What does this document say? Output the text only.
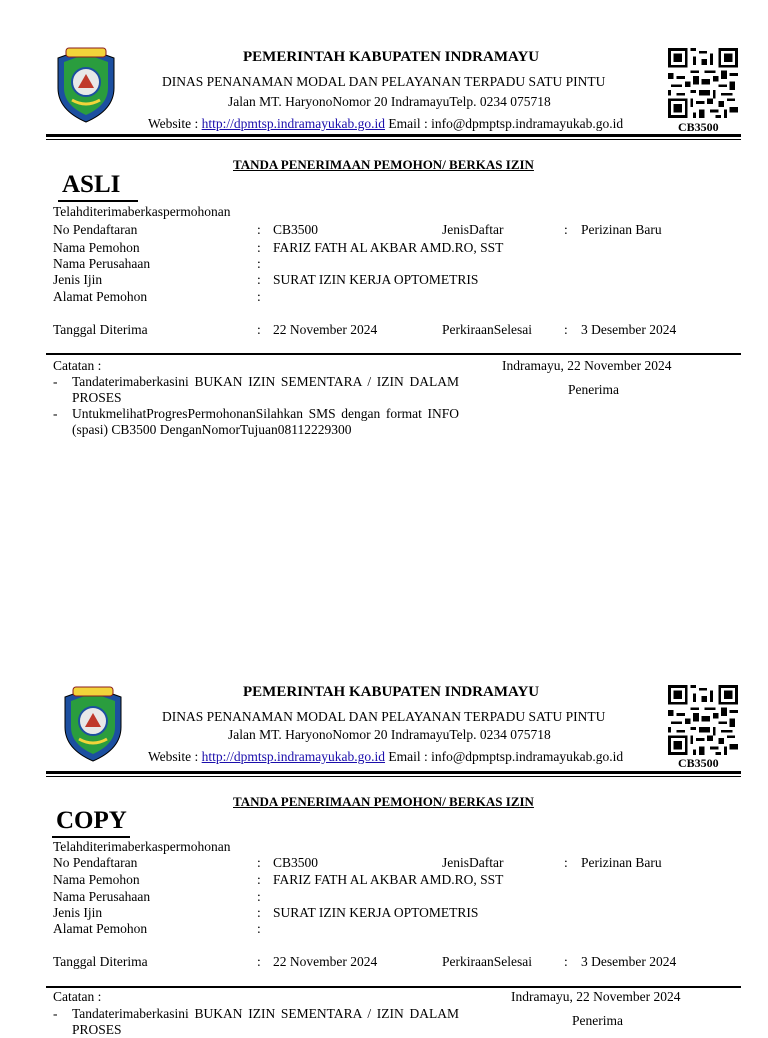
PEMERINTAH KABUPATEN INDRAMAYU
DINAS PENANAMAN MODAL DAN PELAYANAN TERPADU SATU PINTU
Jalan MT. HaryonoNomor 20 IndramayuTelp. 0234 075718
Website : http://dpmtsp.indramayukab.go.id Email : info@dpmptsp.indramayukab.go.id	CB3500
TANDA PENERIMAAN PEMOHON/ BERKAS IZIN
ASLI
Telahditerimaberkaspermohonan
No Pendaftaran	: CB3500	JenisDaftar	: Perizinan Baru
Nama Pemohon	: FARIZ FATH AL AKBAR AMD.RO, SST
Nama Perusahaan	:
Jenis Ijin	: SURAT IZIN KERJA OPTOMETRIS
Alamat Pemohon	:
Tanggal Diterima	: 22 November 2024	PerkiraanSelesai : 3 Desember 2024
Catatan :
- Tandaterimaberkasini BUKAN IZIN SEMENTARA / IZIN DALAM PROSES
- UntukmelihatProgresPermohonanSilahkan SMS dengan format INFO (spasi) CB3500 DenganNomorTujuan08112229300
Indramayu, 22 November 2024
Penerima
PEMERINTAH KABUPATEN INDRAMAYU
DINAS PENANAMAN MODAL DAN PELAYANAN TERPADU SATU PINTU
Jalan MT. HaryonoNomor 20 IndramayuTelp. 0234 075718
Website : http://dpmtsp.indramayukab.go.id Email : info@dpmptsp.indramayukab.go.id	CB3500
TANDA PENERIMAAN PEMOHON/ BERKAS IZIN
COPY
Telahditerimaberkaspermohonan
No Pendaftaran	: CB3500	JenisDaftar	: Perizinan Baru
Nama Pemohon	: FARIZ FATH AL AKBAR AMD.RO, SST
Nama Perusahaan	:
Jenis Ijin	: SURAT IZIN KERJA OPTOMETRIS
Alamat Pemohon	:
Tanggal Diterima	: 22 November 2024	PerkiraanSelesai : 3 Desember 2024
Catatan :
- Tandaterimaberkasini BUKAN IZIN SEMENTARA / IZIN DALAM PROSES
Indramayu, 22 November 2024
Penerima
